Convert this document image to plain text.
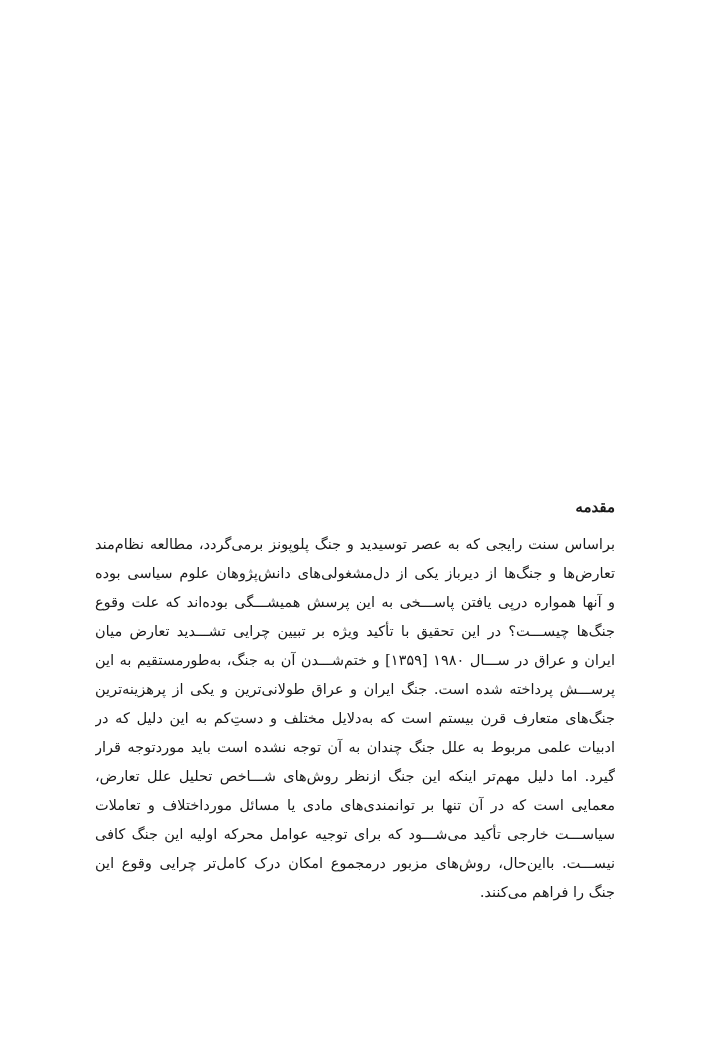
مقدمه
براساس سنت رایجی که به عصر توسیدید و جنگ پلوپونز برمی‌گردد، مطالعه نظام‌مند
تعارض‌ها و جنگ‌ها از دیرباز یکی از دل‌مشغولی‌های دانش‌پژوهان علوم سیاسی بوده
و آنها همواره درپی یافتن پاســـخی به این پرسش همیشـــگی بوده‌اند که علت وقوع
جنگ‌ها چیســـت؟ در این تحقیق با تأکید ویژه بر تبیین چرایی تشـــدید تعارض میان
ایران و عراق در ســـال ۱۹۸۰ [۱۳۵۹] و ختم‌شـــدن آن به جنگ، به‌طورمستقیم به این
پرســـش پرداخته شده است. جنگ ایران و عراق طولانی‌ترین و یکی از پرهزینه‌ترین
جنگ‌های متعارف قرن بیستم است که به‌دلایل مختلف و دستِ‌کم به این دلیل که در
ادبیات علمی مربوط به علل جنگ چندان به آن توجه نشده است باید موردتوجه قرار
گیرد. اما دلیل مهم‌تر اینکه این جنگ ازنظر روش‌های شـــاخص تحلیل علل تعارض،
معمایی است که در آن تنها بر توانمندی‌های مادی یا مسائل مورداختلاف و تعاملات
سیاســـت خارجی تأکید می‌شـــود که برای توجیه عوامل محرکه اولیه این جنگ کافی
نیســـت. بااین‌حال، روش‌های مزبور درمجموع امکان درک کامل‌تر چرایی وقوع این
جنگ را فراهم می‌کنند.
